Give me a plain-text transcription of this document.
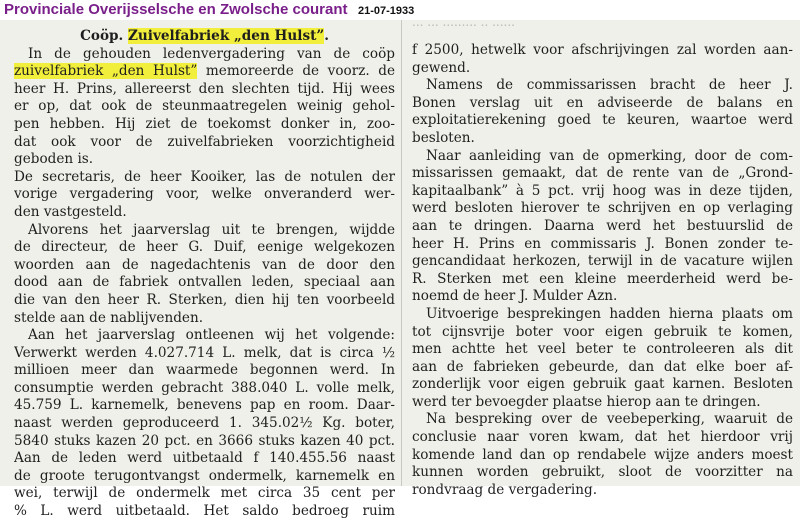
Provinciale Overijsselsche en Zwolsche courant 21-07-1933
... ... ......... .. ......
Coöp. Zuivelfabriek „den Hulst”.
In de gehouden ledenvergadering van de coöp
zuivelfabriek „den Hulst” memoreerde de voorz. de
heer H. Prins, allereerst den slechten tijd. Hij wees
er op, dat ook de steunmaatregelen weinig gehol-
pen hebben. Hij ziet de toekomst donker in, zoo-
dat ook voor de zuivelfabrieken voorzichtigheid
geboden is.
De secretaris, de heer Kooiker, las de notulen der
vorige vergadering voor, welke onveranderd wer-
den vastgesteld.
Alvorens het jaarverslag uit te brengen, wijdde
de directeur, de heer G. Duif, eenige welgekozen
woorden aan de nagedachtenis van de door den
dood aan de fabriek ontvallen leden, speciaal aan
die van den heer R. Sterken, dien hij ten voorbeeld
stelde aan de nablijvenden.
Aan het jaarverslag ontleenen wij het volgende:
Verwerkt werden 4.027.714 L. melk, dat is circa ½
millioen meer dan waarmede begonnen werd. In
consumptie werden gebracht 388.040 L. volle melk,
45.759 L. karnemelk, benevens pap en room. Daar-
naast werden geproduceerd 1. 345.02½ Kg. boter,
5840 stuks kazen 20 pct. en 3666 stuks kazen 40 pct.
Aan de leden werd uitbetaald f 140.455.56 naast
de groote terugontvangst ondermelk, karnemelk en
wei, terwijl de ondermelk met circa 35 cent per
% L. werd uitbetaald. Het saldo bedroeg ruim
f 2500, hetwelk voor afschrijvingen zal worden aan-
gewend.
Namens de commissarissen bracht de heer J.
Bonen verslag uit en adviseerde de balans en
exploitatierekening goed te keuren, waartoe werd
besloten.
Naar aanleiding van de opmerking, door de com-
missarissen gemaakt, dat de rente van de „Grond-
kapitaalbank” à 5 pct. vrij hoog was in deze tijden,
werd besloten hierover te schrijven en op verlaging
aan te dringen. Daarna werd het bestuurslid de
heer H. Prins en commissaris J. Bonen zonder te-
gencandidaat herkozen, terwijl in de vacature wijlen
R. Sterken met een kleine meerderheid werd be-
noemd de heer J. Mulder Azn.
Uitvoerige besprekingen hadden hierna plaats om
tot cijnsvrije boter voor eigen gebruik te komen,
men achtte het veel beter te controleeren als dit
aan de fabrieken gebeurde, dan dat elke boer af-
zonderlijk voor eigen gebruik gaat karnen. Besloten
werd ter bevoegder plaatse hierop aan te dringen.
Na bespreking over de veebeperking, waaruit de
conclusie naar voren kwam, dat het hierdoor vrij
komende land dan op rendabele wijze anders moest
kunnen worden gebruikt, sloot de voorzitter na
rondvraag de vergadering.
